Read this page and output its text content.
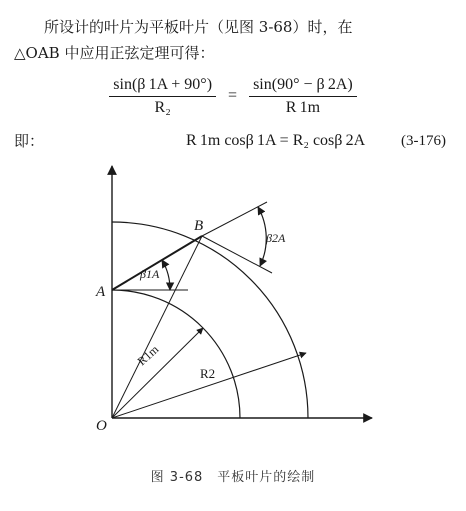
所设计的叶片为平板叶片（见图 3-68）时，在
△OAB 中应用正弦定理可得：
$\frac{\sin(\beta 1A + 90^\circ)}{\text{R₂}} = \frac{\sin(90^\circ - \beta 2A)}{R 1m}$
即：	R 1m cosβ 1A = R₂ cosβ 2A (3-176)
O
A
B
β1A
β2A
R1m
R2
图 3-68　平板叶片的绘制
